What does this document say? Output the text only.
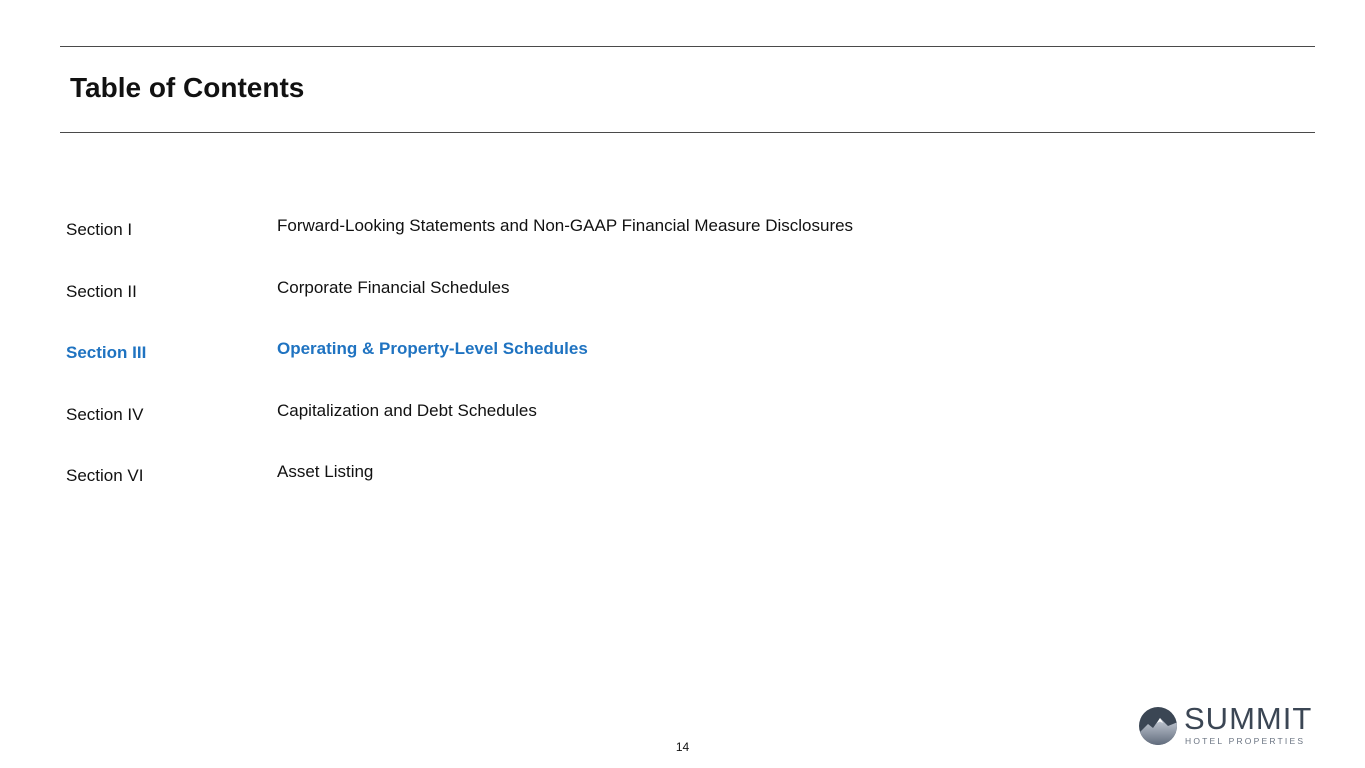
Table of Contents
Section I	Forward-Looking Statements and Non-GAAP Financial Measure Disclosures
Section II	Corporate Financial Schedules
Section III	Operating & Property-Level Schedules
Section IV	Capitalization and Debt Schedules
Section VI	Asset Listing
14
SUMMIT
HOTEL PROPERTIES
